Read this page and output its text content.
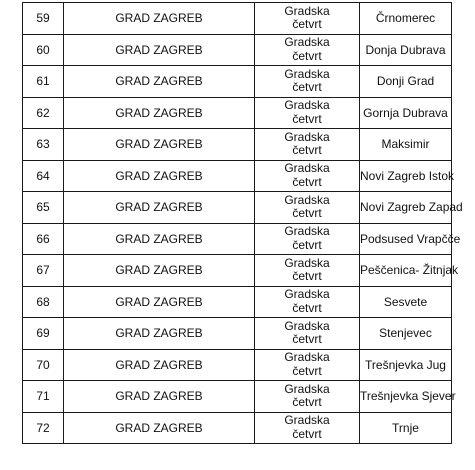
59	GRAD ZAGREB	Gradska
četvrt	Črnomerec
60	GRAD ZAGREB	Gradska
četvrt	Donja Dubrava
61	GRAD ZAGREB	Gradska
četvrt	Donji Grad
62	GRAD ZAGREB	Gradska
četvrt	Gornja Dubrava
63	GRAD ZAGREB	Gradska
četvrt	Maksimir
64	GRAD ZAGREB	Gradska
četvrt	Novi Zagreb Istok
65	GRAD ZAGREB	Gradska
četvrt	Novi Zagreb Zapad
66	GRAD ZAGREB	Gradska
četvrt	Podsused Vrapčče
67	GRAD ZAGREB	Gradska
četvrt	Peščenica- Žitnjak
68	GRAD ZAGREB	Gradska
četvrt	Sesvete
69	GRAD ZAGREB	Gradska
četvrt	Stenjevec
70	GRAD ZAGREB	Gradska
četvrt	Trešnjevka Jug
71	GRAD ZAGREB	Gradska
četvrt	Trešnjevka Sjever
72	GRAD ZAGREB	Gradska
četvrt	Trnje
